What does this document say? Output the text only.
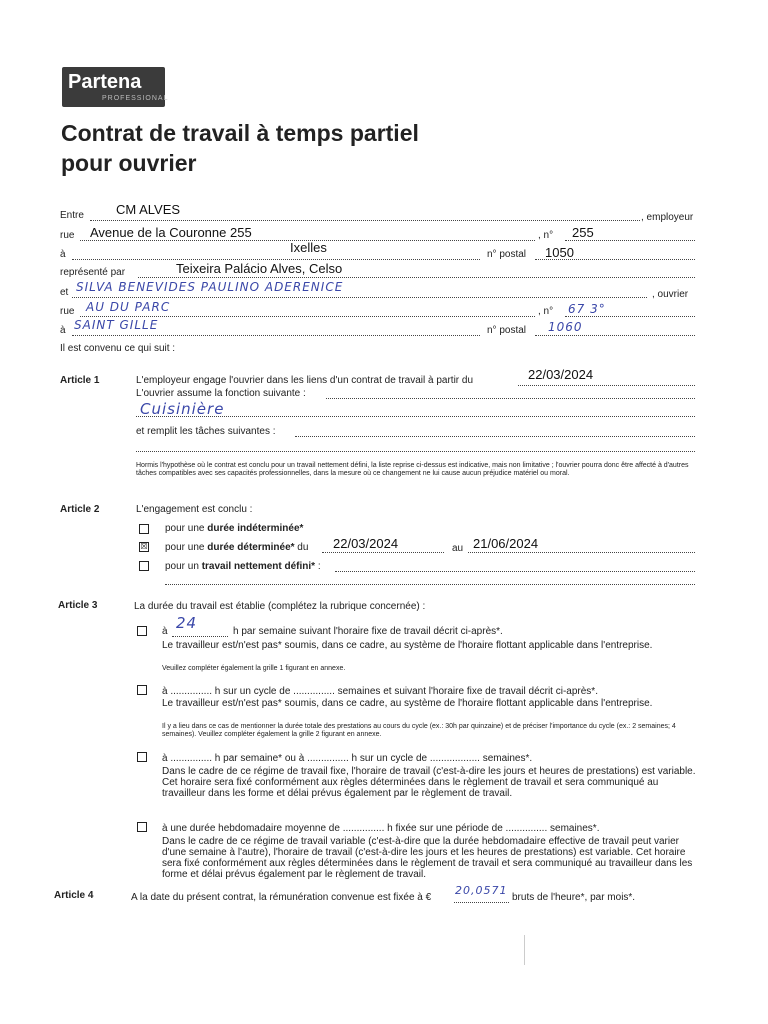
Partena
PROFESSIONAL
Contrat de travail à temps partiel
pour ouvrier
Entre CM ALVES
, employeur
rue Avenue de la Couronne 255	, n° 255
à	Ixelles	n° postal 1050
représenté par	Teixeira Palácio Alves, Celso
et SILVA BENEVIDES PAULINO ADERENICE
, ouvrier
rue AU DU PARC	, n° 67 3°
à SAINT GILLE	n° postal 1060
Il est convenu ce qui suit :
Article 1	L'employeur engage l'ouvrier dans les liens d'un contrat de travail à partir du	22/03/2024
L'ouvrier assume la fonction suivante :
Cuisinière
et remplit les tâches suivantes :
Hormis l'hypothèse où le contrat est conclu pour un travail nettement défini, la liste reprise ci-dessus est indicative, mais non limitative ; l'ouvrier pourra donc être affecté à d'autres tâches compatibles avec ses capacités professionnelles, dans la mesure où ce changement ne lui cause aucun préjudice matériel ou moral.
Article 2	L'engagement est conclu :
pour une durée indéterminée*
☒ pour une durée déterminée* du 22/03/2024	au 21/06/2024
pour un travail nettement défini* :
Article 3	La durée du travail est établie (complétez la rubrique concernée) :
à 24	h par semaine suivant l'horaire fixe de travail décrit ci-après*.
Le travailleur est/n'est pas* soumis, dans ce cadre, au système de l'horaire flottant applicable dans l'entreprise.
Veuillez compléter également la grille 1 figurant en annexe.
à ............... h sur un cycle de ............... semaines et suivant l'horaire fixe de travail décrit ci-après*.
Le travailleur est/n'est pas* soumis, dans ce cadre, au système de l'horaire flottant applicable dans l'entreprise.
Il y a lieu dans ce cas de mentionner la durée totale des prestations au cours du cycle (ex.: 30h par quinzaine) et de préciser l'importance du cycle (ex.: 2 semaines; 4 semaines). Veuillez compléter également la grille 2 figurant en annexe.
à ............... h par semaine* ou à ............... h sur un cycle de .................. semaines*.
Dans le cadre de ce régime de travail fixe, l'horaire de travail (c'est-à-dire les jours et heures de prestations) est variable. Cet horaire sera fixé conformément aux règles déterminées dans le règlement de travail et sera communiqué au travailleur dans les forme et délai prévus également par le règlement de travail.
à une durée hebdomadaire moyenne de ............... h fixée sur une période de ............... semaines*.
Dans le cadre de ce régime de travail variable (c'est-à-dire que la durée hebdomadaire effective de travail peut varier d'une semaine à l'autre), l'horaire de travail (c'est-à-dire les jours et les heures de prestations) est variable. Cet horaire sera fixé conformément aux règles déterminées dans le règlement de travail et sera communiqué au travailleur dans les forme et délai prévus également par le règlement de travail.
Article 4	A la date du présent contrat, la rémunération convenue est fixée à €
20,0571
bruts de l'heure*, par mois*.
